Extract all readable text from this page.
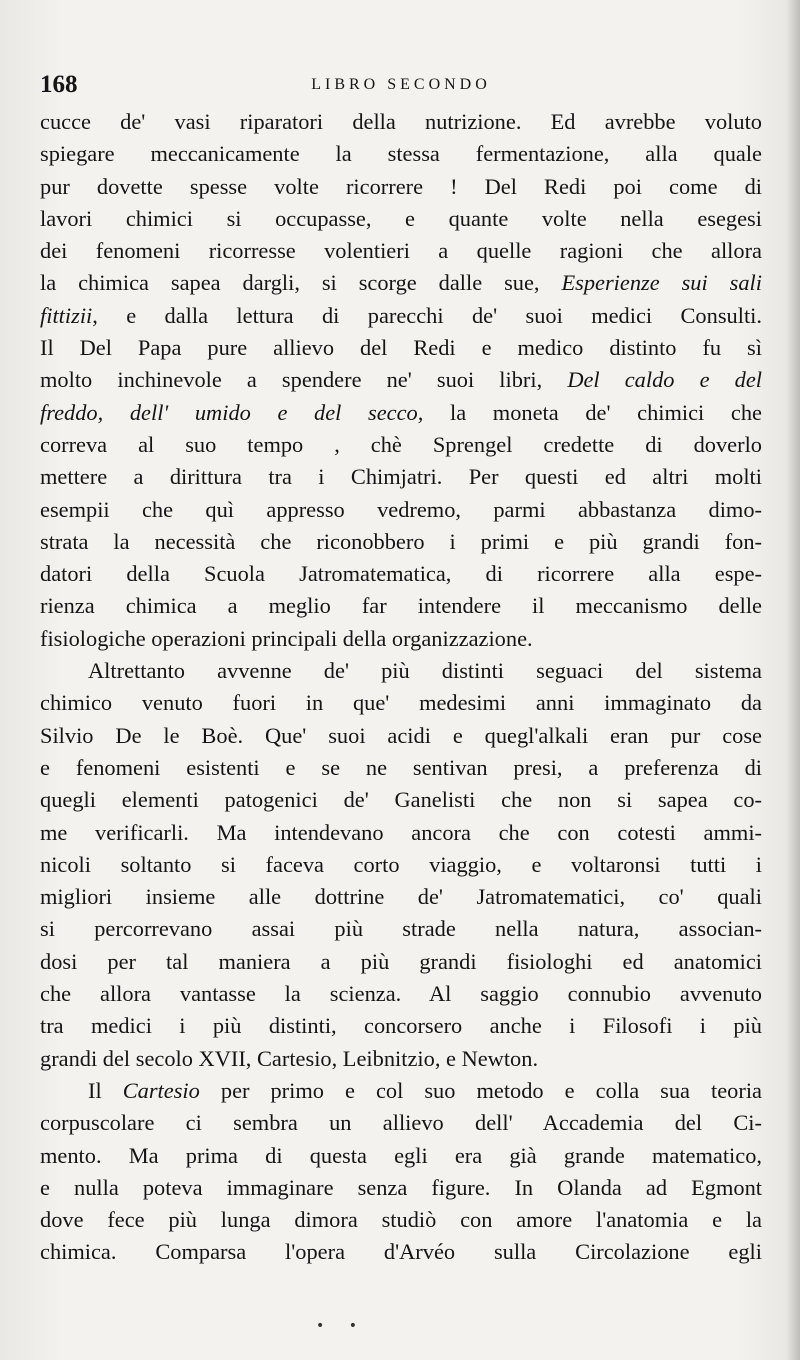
168	LIBRO SECONDO
cucce de' vasi riparatori della nutrizione. Ed avrebbe voluto
spiegare meccanicamente la stessa fermentazione, alla quale
pur dovette spesse volte ricorrere ! Del Redi poi come di
lavori chimici si occupasse, e quante volte nella esegesi
dei fenomeni ricorresse volentieri a quelle ragioni che allora
la chimica sapea dargli, si scorge dalle sue, Esperienze sui sali
fittizii, e dalla lettura di parecchi de' suoi medici Consulti.
Il Del Papa pure allievo del Redi e medico distinto fu sì
molto inchinevole a spendere ne' suoi libri, Del caldo e del
freddo, dell' umido e del secco, la moneta de' chimici che
correva al suo tempo , chè Sprengel credette di doverlo
mettere a dirittura tra i Chimjatri. Per questi ed altri molti
esempii che quì appresso vedremo, parmi abbastanza dimo-
strata la necessità che riconobbero i primi e più grandi fon-
datori della Scuola Jatromatematica, di ricorrere alla espe-
rienza chimica a meglio far intendere il meccanismo delle
fisiologiche operazioni principali della organizzazione.
Altrettanto avvenne de' più distinti seguaci del sistema
chimico venuto fuori in que' medesimi anni immaginato da
Silvio De le Boè. Que' suoi acidi e quegl'alkali eran pur cose
e fenomeni esistenti e se ne sentivan presi, a preferenza di
quegli elementi patogenici de' Ganelisti che non si sapea co-
me verificarli. Ma intendevano ancora che con cotesti ammi-
nicoli soltanto si faceva corto viaggio, e voltaronsi tutti i
migliori insieme alle dottrine de' Jatromatematici, co' quali
si percorrevano assai più strade nella natura, associan-
dosi per tal maniera a più grandi fisiologhi ed anatomici
che allora vantasse la scienza. Al saggio connubio avvenuto
tra medici i più distinti, concorsero anche i Filosofi i più
grandi del secolo XVII, Cartesio, Leibnitzio, e Newton.
Il Cartesio per primo e col suo metodo e colla sua teoria
corpuscolare ci sembra un allievo dell' Accademia del Ci-
mento. Ma prima di questa egli era già grande matematico,
e nulla poteva immaginare senza figure. In Olanda ad Egmont
dove fece più lunga dimora studiò con amore l'anatomia e la
chimica. Comparsa l'opera d'Arvéo sulla Circolazione egli
• •
